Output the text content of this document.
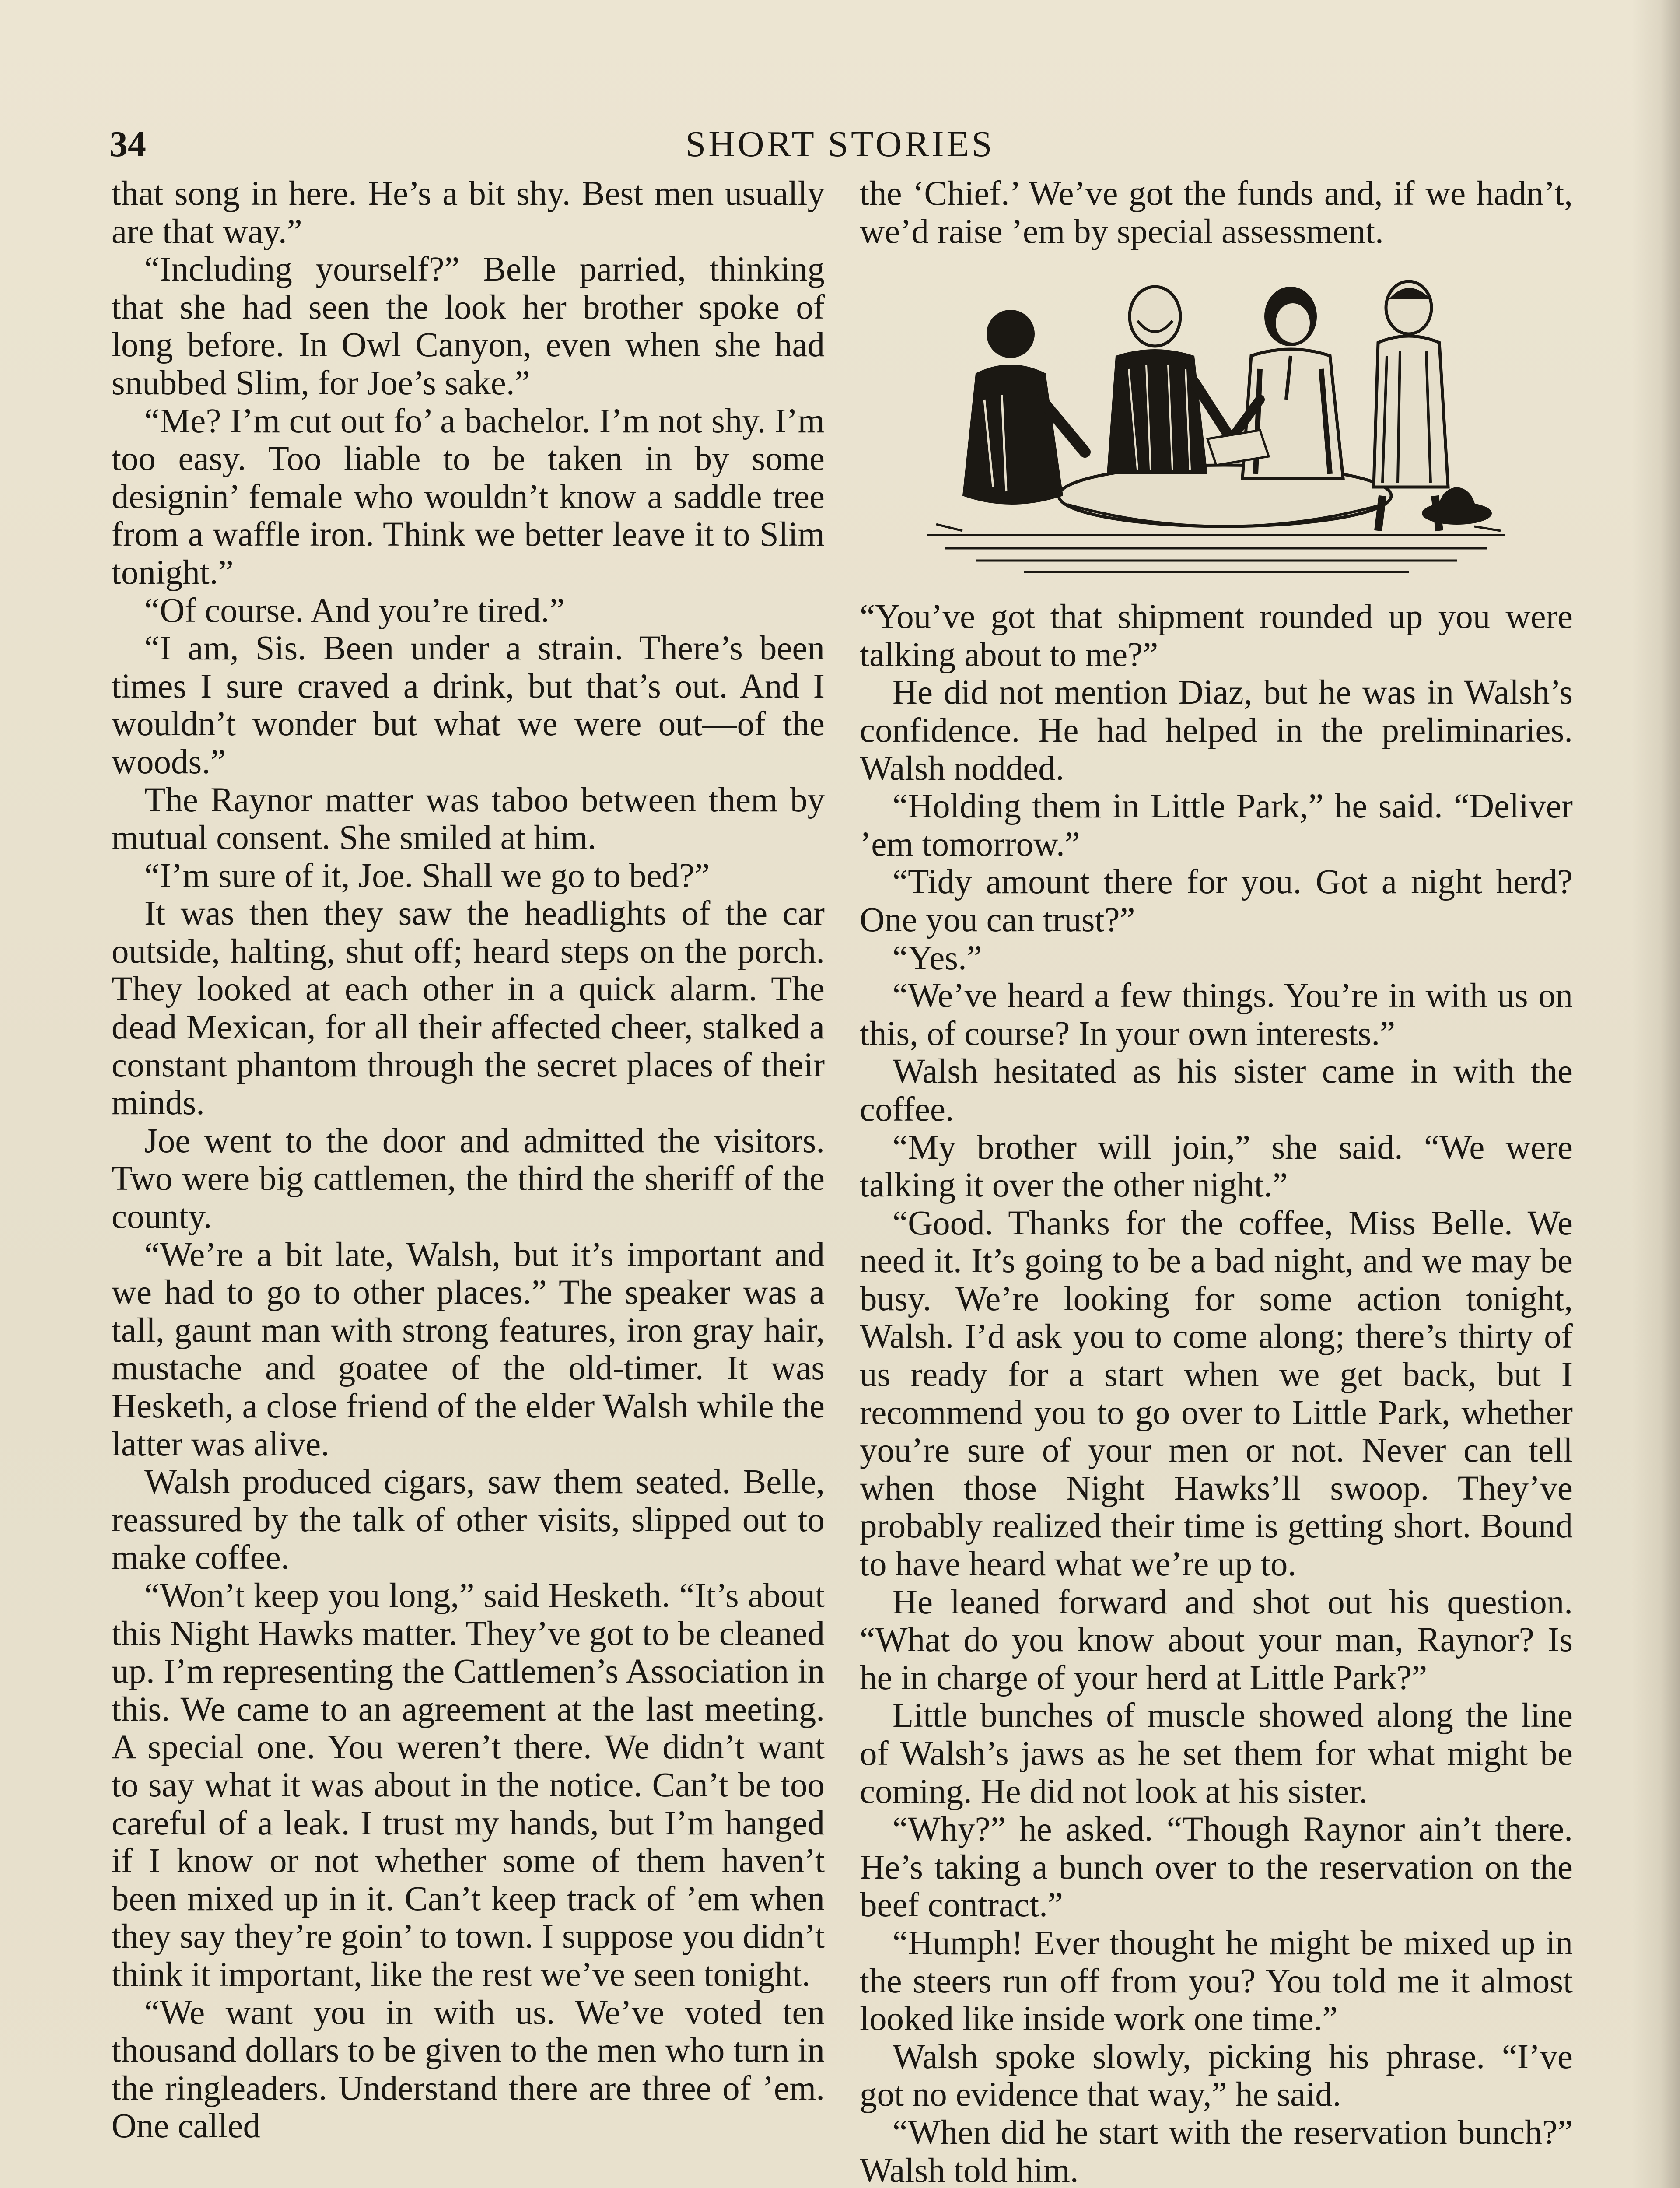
34	SHORT STORIES

that song in here. He’s a bit shy. Best men usually are that way.”

“Including yourself?” Belle parried, thinking that she had seen the look her brother spoke of long before. In Owl Canyon, even when she had snubbed Slim, for Joe’s sake.”

“Me? I’m cut out fo’ a bachelor. I’m not shy. I’m too easy. Too liable to be taken in by some designin’ female who wouldn’t know a saddle tree from a waffle iron. Think we better leave it to Slim tonight.”

“Of course. And you’re tired.”

“I am, Sis. Been under a strain. There’s been times I sure craved a drink, but that’s out. And I wouldn’t wonder but what we were out—of the woods.”

The Raynor matter was taboo between them by mutual consent. She smiled at him.

“I’m sure of it, Joe. Shall we go to bed?”

It was then they saw the headlights of the car outside, halting, shut off; heard steps on the porch. They looked at each other in a quick alarm. The dead Mexican, for all their affected cheer, stalked a constant phantom through the secret places of their minds.

Joe went to the door and admitted the visitors. Two were big cattlemen, the third the sheriff of the county.

“We’re a bit late, Walsh, but it’s important and we had to go to other places.” The speaker was a tall, gaunt man with strong features, iron gray hair, mustache and goatee of the old-timer. It was Hesketh, a close friend of the elder Walsh while the latter was alive.

Walsh produced cigars, saw them seated. Belle, reassured by the talk of other visits, slipped out to make coffee.

“Won’t keep you long,” said Hesketh. “It’s about this Night Hawks matter. They’ve got to be cleaned up. I’m representing the Cattlemen’s Association in this. We came to an agreement at the last meeting. A special one. You weren’t there. We didn’t want to say what it was about in the notice. Can’t be too careful of a leak. I trust my hands, but I’m hanged if I know or not whether some of them haven’t been mixed up in it. Can’t keep track of ’em when they say they’re goin’ to town. I suppose you didn’t think it important, like the rest we’ve seen tonight.

“We want you in with us. We’ve voted ten thousand dollars to be given to the men who turn in the ringleaders. Understand there are three of ’em. One called

the ‘Chief.’ We’ve got the funds and, if we hadn’t, we’d raise ’em by special assessment.

“You’ve got that shipment rounded up you were talking about to me?”

He did not mention Diaz, but he was in Walsh’s confidence. He had helped in the preliminaries. Walsh nodded.

“Holding them in Little Park,” he said. “Deliver ’em tomorrow.”

“Tidy amount there for you. Got a night herd? One you can trust?”

“Yes.”

“We’ve heard a few things. You’re in with us on this, of course? In your own interests.”

Walsh hesitated as his sister came in with the coffee.

“My brother will join,” she said. “We were talking it over the other night.”

“Good. Thanks for the coffee, Miss Belle. We need it. It’s going to be a bad night, and we may be busy. We’re looking for some action tonight, Walsh. I’d ask you to come along; there’s thirty of us ready for a start when we get back, but I recommend you to go over to Little Park, whether you’re sure of your men or not. Never can tell when those Night Hawks’ll swoop. They’ve probably realized their time is getting short. Bound to have heard what we’re up to.

He leaned forward and shot out his question. “What do you know about your man, Raynor? Is he in charge of your herd at Little Park?”

Little bunches of muscle showed along the line of Walsh’s jaws as he set them for what might be coming. He did not look at his sister.

“Why?” he asked. “Though Raynor ain’t there. He’s taking a bunch over to the reservation on the beef contract.”

“Humph! Ever thought he might be mixed up in the steers run off from you? You told me it almost looked like inside work one time.”

Walsh spoke slowly, picking his phrase. “I’ve got no evidence that way,” he said.

“When did he start with the reservation bunch?” Walsh told him.
